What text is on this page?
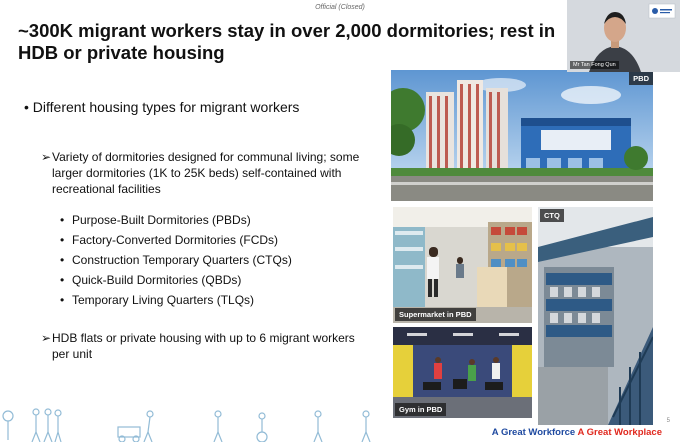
Official (Closed)
~300K migrant workers stay in over 2,000 dormitories; rest in HDB or private housing
• Different housing types for migrant workers
➢ Variety of dormitories designed for communal living; some larger dormitories (1K to 25K beds) self-contained with recreational facilities
• Purpose-Built Dormitories (PBDs)
• Factory-Converted Dormitories (FCDs)
• Construction Temporary Quarters (CTQs)
• Quick-Build Dormitories (QBDs)
• Temporary Living Quarters (TLQs)
➢ HDB flats or private housing with up to 6 migrant workers per unit
PBD
Supermarket in PBD
CTQ
Gym in PBD
A Great Workforce A Great Workplace
5
Mr Tan Fong Qun
